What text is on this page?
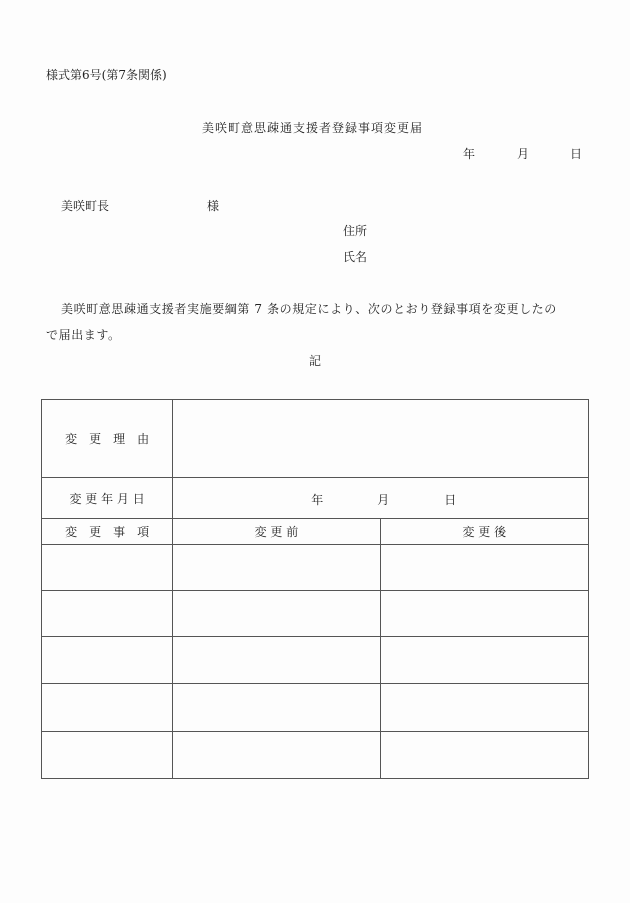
様式第6号(第7条関係)
美咲町意思疎通支援者登録事項変更届
年	月	日
美咲町長	様
住所
氏名
美咲町意思疎通支援者実施要綱第 7 条の規定により、次のとおり登録事項を変更したの
で届出ます。
記
変　更　理　由		
変 更 年 月 日	年 月 日	

変　更　事　項	変 更 前	変 更 後
